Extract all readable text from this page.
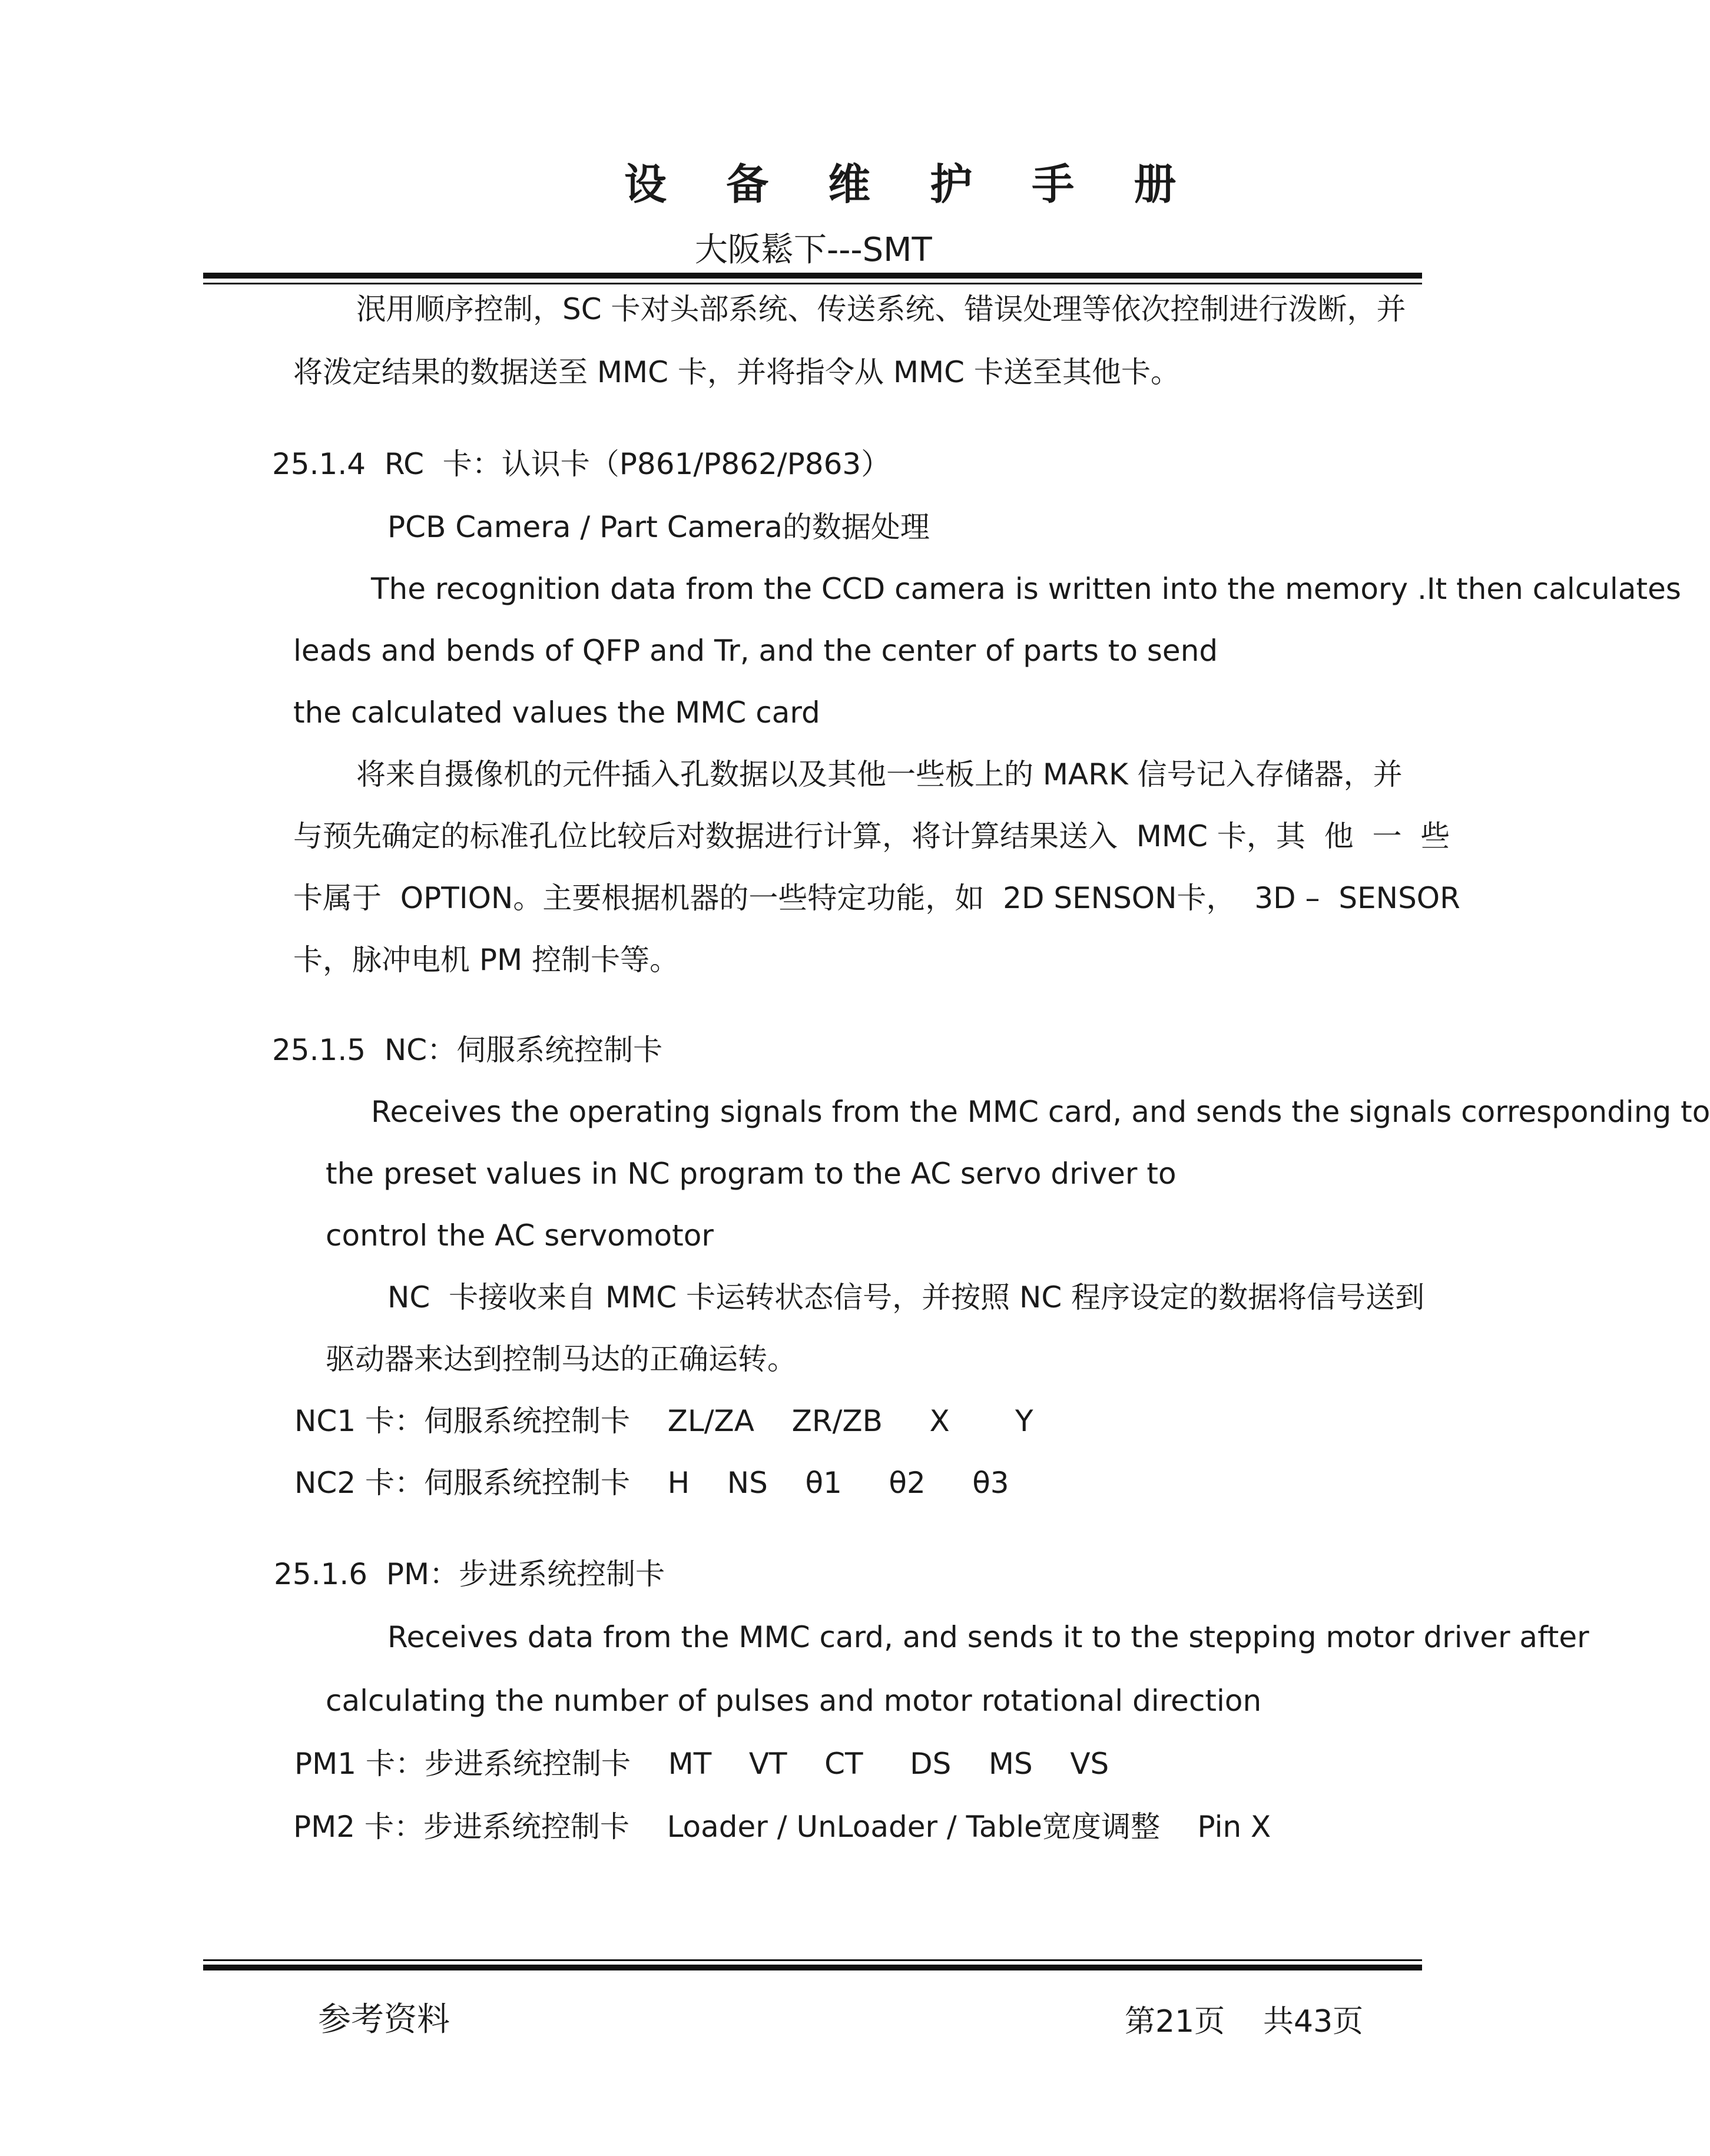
设 备 维 护 手 册
大阪鬆下---SMT
泯用顺序控制，SC 卡对头部系统、传送系统、错误处理等依次控制进行泼断，并
将泼定结果的数据送至 MMC 卡，并将指令从 MMC 卡送至其他卡。
25.1.4  RC  卡：认识卡（P861/P862/P863）
PCB Camera / Part Camera的数据处理
The recognition data from the CCD camera is written into the memory .It then calculates
leads and bends of QFP and Tr, and the center of parts to send
the calculated values the MMC card
将来自摄像机的元件插入孔数据以及其他一些板上的 MARK 信号记入存储器，并
与预先确定的标准孔位比较后对数据进行计算，将计算结果送入  MMC 卡，其  他  一  些
卡属于  OPTION。主要根据机器的一些特定功能，如  2D SENSON卡，  3D –  SENSOR
卡，脉冲电机 PM 控制卡等。
25.1.5  NC：伺服系统控制卡
Receives the operating signals from the MMC card, and sends the signals corresponding to
the preset values in NC program to the AC servo driver to
control the AC servomotor
NC  卡接收来自 MMC 卡运转状态信号，并按照 NC 程序设定的数据将信号送到
驱动器来达到控制马达的正确运转。
NC1 卡：伺服系统控制卡    ZL/ZA    ZR/ZB     X       Y
NC2 卡：伺服系统控制卡    H    NS    θ1     θ2     θ3
25.1.6  PM：步进系统控制卡
Receives data from the MMC card, and sends it to the stepping motor driver after
calculating the number of pulses and motor rotational direction
PM1 卡：步进系统控制卡    MT    VT    CT     DS    MS    VS
PM2 卡：步进系统控制卡    Loader / UnLoader / Table宽度调整    Pin X
参考资料	第21页 共43页
